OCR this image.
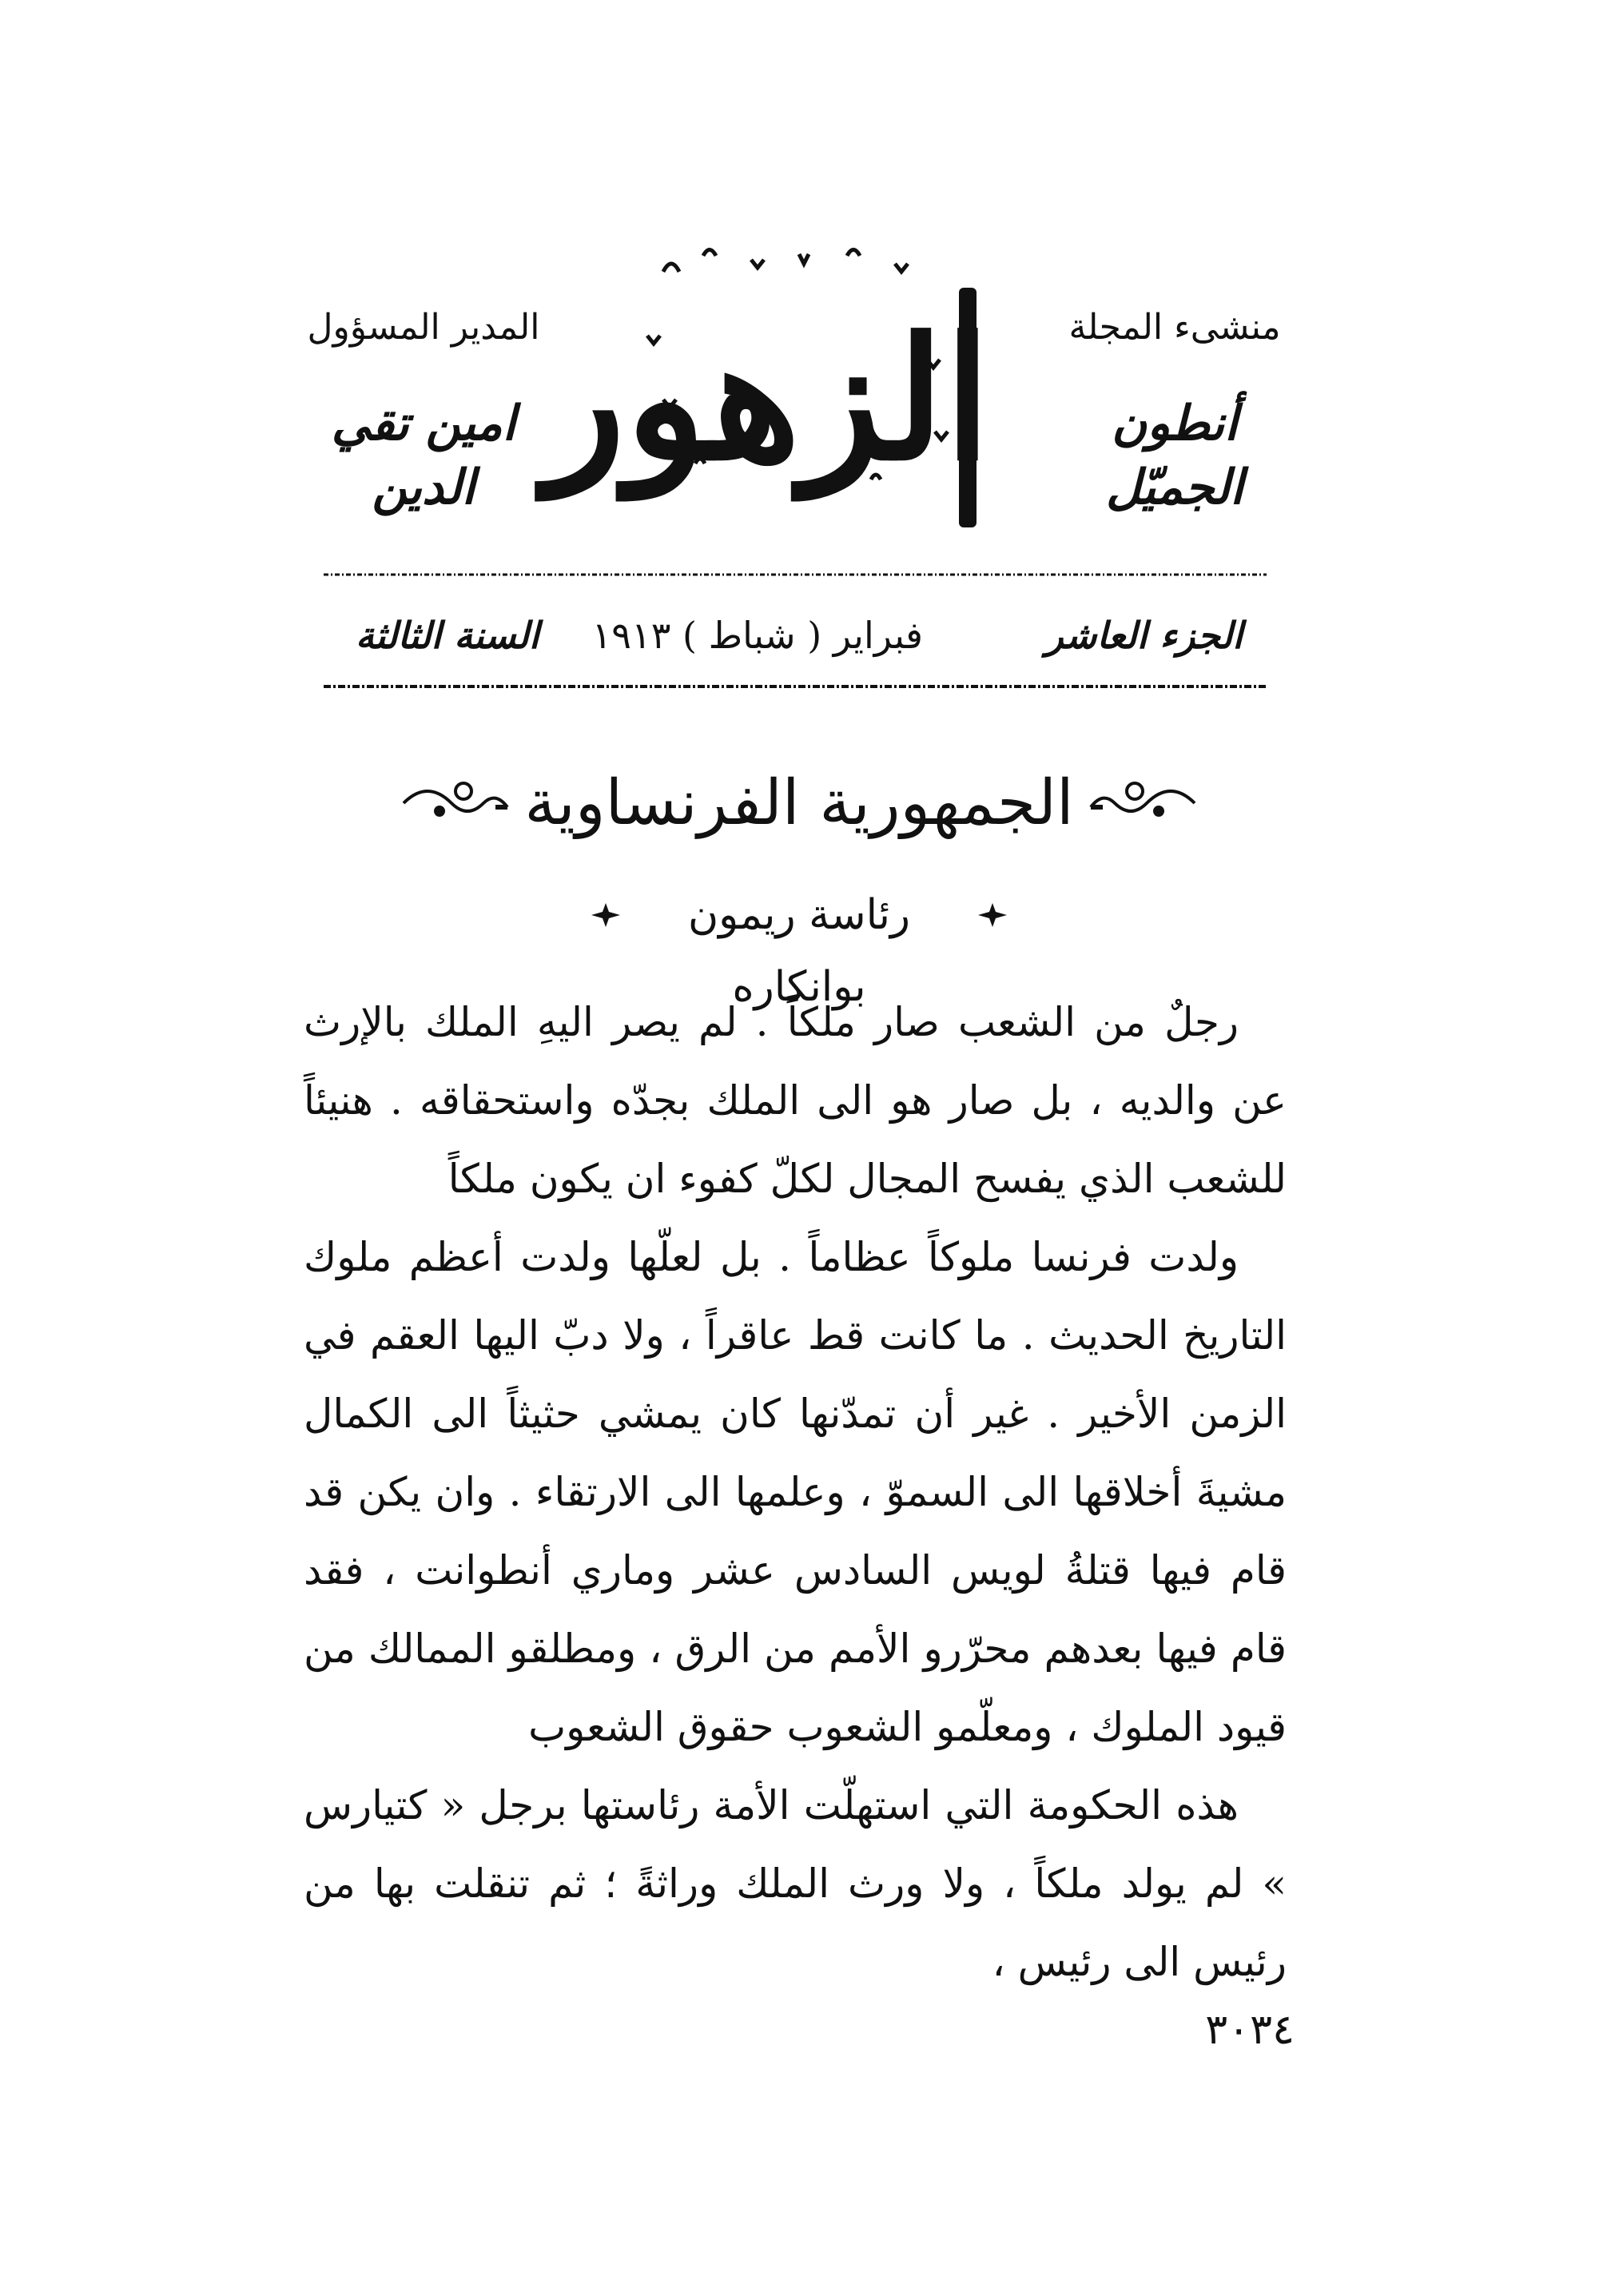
منشىء المجلة
أنطون الجميّل
الزهور
المدير المسؤول
امين تقي الدين
الجزء العاشر
فبراير ( شباط ) ١٩١٣
السنة الثالثة
الجمهورية الفرنساوية
رئاسة ريمون بوانكاره

رجلٌ من الشعب صار ملكاً . لم يصر اليهِ الملك بالإرث عن والديه ، بل صار هو الى الملك بجدّه واستحقاقه . هنيئاً للشعب الذي يفسح المجال لكلّ كفوء ان يكون ملكاً

ولدت فرنسا ملوكاً عظاماً . بل لعلّها ولدت أعظم ملوك التاريخ الحديث . ما كانت قط عاقراً ، ولا دبّ اليها العقم في الزمن الأخير . غير أن تمدّنها كان يمشي حثيثاً الى الكمال مشيةَ أخلاقها الى السموّ ، وعلمها الى الارتقاء . وان يكن قد قام فيها قتلةُ لويس السادس عشر وماري أنطوانت ، فقد قام فيها بعدهم محرّرو الأمم من الرق ، ومطلقو الممالك من قيود الملوك ، ومعلّمو الشعوب حقوق الشعوب

هذه الحكومة التي استهلّت الأمة رئاستها برجل « كتيارس » لم يولد ملكاً ، ولا ورث الملك وراثةً ؛ ثم تنقلت بها من رئيس الى رئيس ،

٣٠٣٤
